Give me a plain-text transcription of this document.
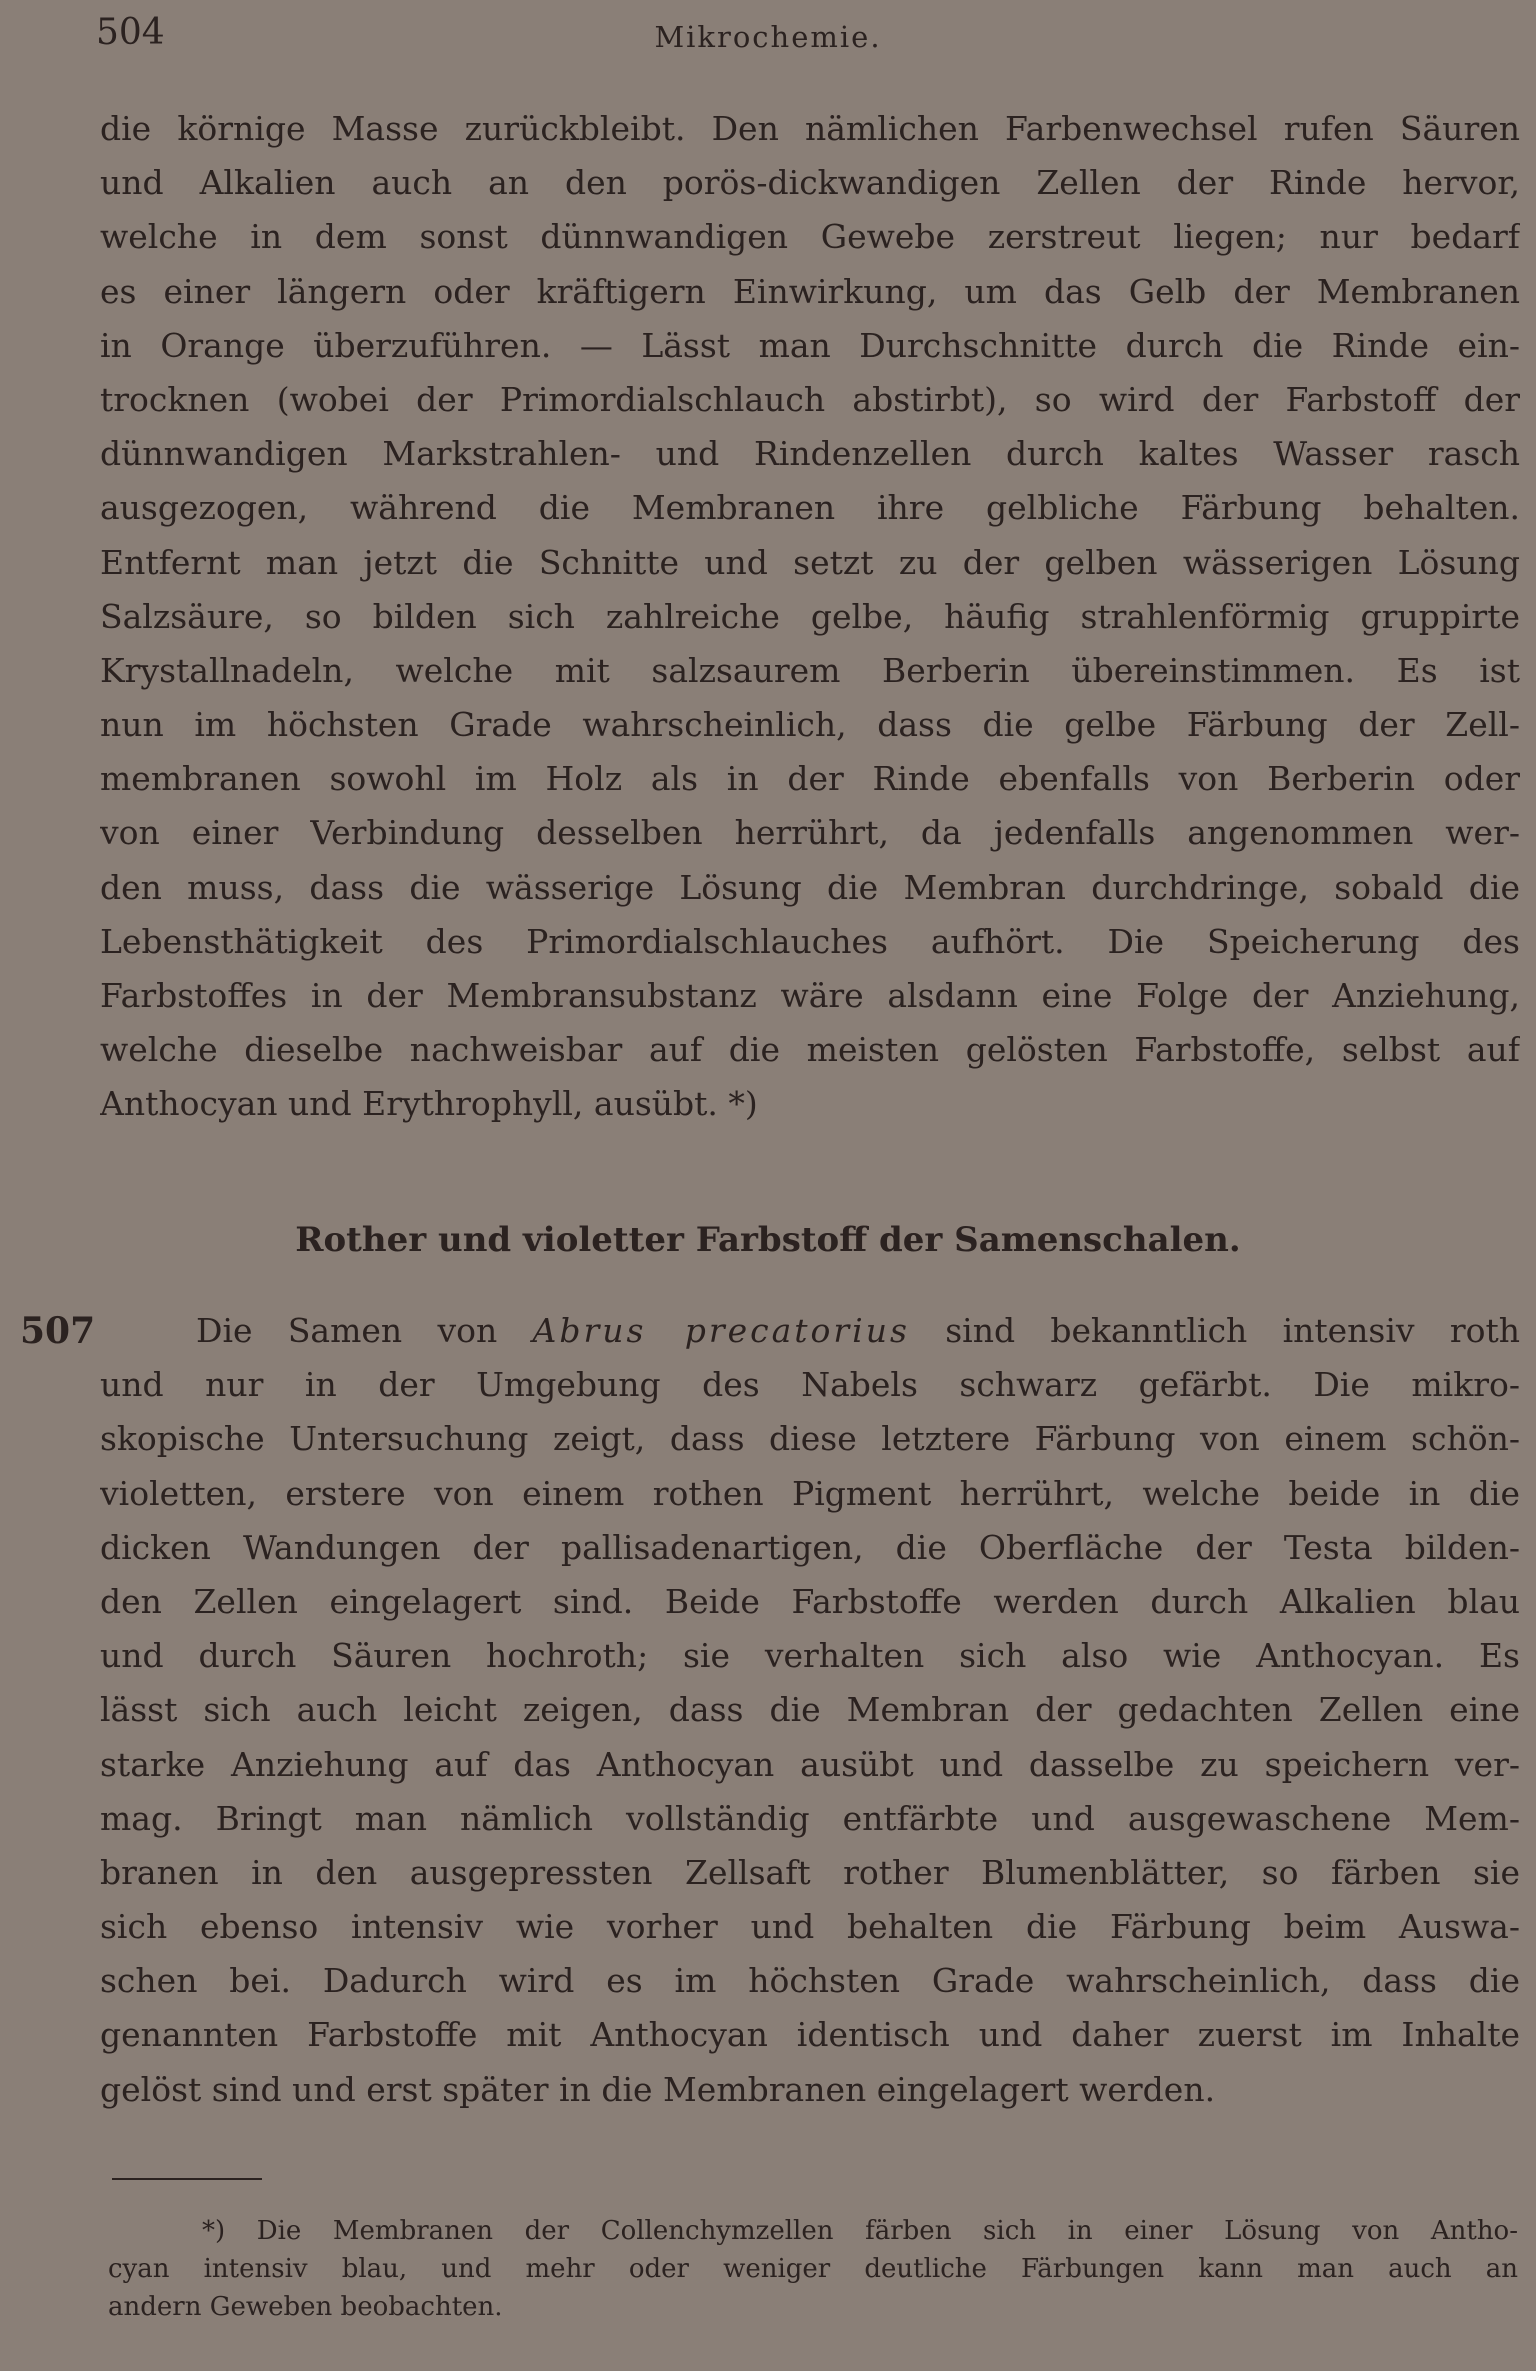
504	Mikrochemie.
die körnige Masse zurückbleibt. Den nämlichen Farbenwechsel rufen Säuren
und Alkalien auch an den porös-dickwandigen Zellen der Rinde hervor,
welche in dem sonst dünnwandigen Gewebe zerstreut liegen; nur bedarf
es einer längern oder kräftigern Einwirkung, um das Gelb der Membranen
in Orange überzuführen. — Lässt man Durchschnitte durch die Rinde ein-
trocknen (wobei der Primordialschlauch abstirbt), so wird der Farbstoff der
dünnwandigen Markstrahlen- und Rindenzellen durch kaltes Wasser rasch
ausgezogen, während die Membranen ihre gelbliche Färbung behalten.
Entfernt man jetzt die Schnitte und setzt zu der gelben wässerigen Lösung
Salzsäure, so bilden sich zahlreiche gelbe, häufig strahlenförmig gruppirte
Krystallnadeln, welche mit salzsaurem Berberin übereinstimmen. Es ist
nun im höchsten Grade wahrscheinlich, dass die gelbe Färbung der Zell-
membranen sowohl im Holz als in der Rinde ebenfalls von Berberin oder
von einer Verbindung desselben herrührt, da jedenfalls angenommen wer-
den muss, dass die wässerige Lösung die Membran durchdringe, sobald die
Lebensthätigkeit des Primordialschlauches aufhört. Die Speicherung des
Farbstoffes in der Membransubstanz wäre alsdann eine Folge der Anziehung,
welche dieselbe nachweisbar auf die meisten gelösten Farbstoffe, selbst auf
Anthocyan und Erythrophyll, ausübt. *)
Rother und violetter Farbstoff der Samenschalen.
507	Die Samen von Abrus precatorius sind bekanntlich intensiv roth
und nur in der Umgebung des Nabels schwarz gefärbt. Die mikro-
skopische Untersuchung zeigt, dass diese letztere Färbung von einem schön-
violetten, erstere von einem rothen Pigment herrührt, welche beide in die
dicken Wandungen der pallisadenartigen, die Oberfläche der Testa bilden-
den Zellen eingelagert sind. Beide Farbstoffe werden durch Alkalien blau
und durch Säuren hochroth; sie verhalten sich also wie Anthocyan. Es
lässt sich auch leicht zeigen, dass die Membran der gedachten Zellen eine
starke Anziehung auf das Anthocyan ausübt und dasselbe zu speichern ver-
mag. Bringt man nämlich vollständig entfärbte und ausgewaschene Mem-
branen in den ausgepressten Zellsaft rother Blumenblätter, so färben sie
sich ebenso intensiv wie vorher und behalten die Färbung beim Auswa-
schen bei. Dadurch wird es im höchsten Grade wahrscheinlich, dass die
genannten Farbstoffe mit Anthocyan identisch und daher zuerst im Inhalte
gelöst sind und erst später in die Membranen eingelagert werden.
*) Die Membranen der Collenchymzellen färben sich in einer Lösung von Antho-
cyan intensiv blau, und mehr oder weniger deutliche Färbungen kann man auch an
andern Geweben beobachten.
